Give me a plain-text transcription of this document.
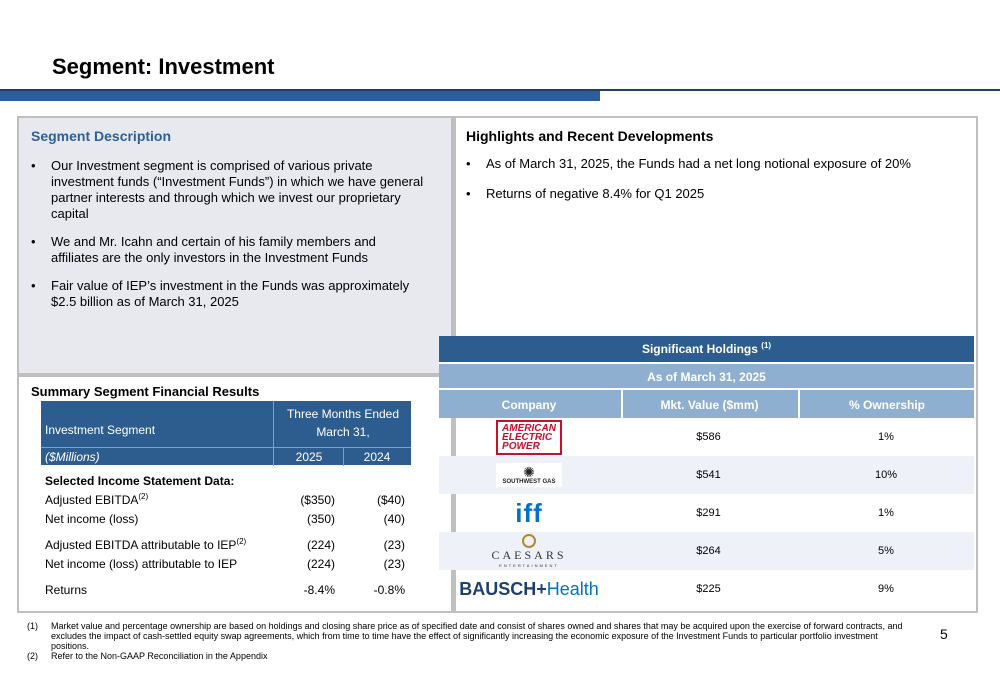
Segment: Investment
Segment Description
• Our Investment segment is comprised of various private investment funds (“Investment Funds”) in which we have general partner interests and through which we invest our proprietary capital
• We and Mr. Icahn and certain of his family members and affiliates are the only investors in the Investment Funds
• Fair value of IEP’s investment in the Funds was approximately $2.5 billion as of March 31, 2025
Summary Segment Financial Results
Investment Segment
Three Months Ended
March 31,
($Millions)	2025	2024
Selected Income Statement Data:
Adjusted EBITDA$^{(2)}$	($350)	($40)
Net income (loss)	(350)	(40)
Adjusted EBITDA attributable to IEP$^{(2)}$	(224)	(23)
Net income (loss) attributable to IEP	(224)	(23)
Returns	-8.4%	-0.8%
Highlights and Recent Developments
• As of March 31, 2025, the Funds had a net long notional exposure of 20%
• Returns of negative 8.4% for Q1 2025
Significant Holdings $^{(1)}$
As of March 31, 2025
Company	Mkt. Value ($mm)	% Ownership
AMERICAN
ELECTRIC
POWER
$586	1%
✺
SOUTHWEST GAS
$541	10%
iff	$291	1%
CAESARS
ENTERTAINMENT
$264	5%
BAUSCH+Health	$225	9%
(1) Market value and percentage ownership are based on holdings and closing share price as of specified date and consist of shares owned and shares that may be acquired upon the exercise of forward contracts, and excludes the impact of cash-settled equity swap agreements, which from time to time have the effect of significantly increasing the economic exposure of the Investment Funds to particular portfolio investment positions.
(2) Refer to the Non-GAAP Reconciliation in the Appendix
5
